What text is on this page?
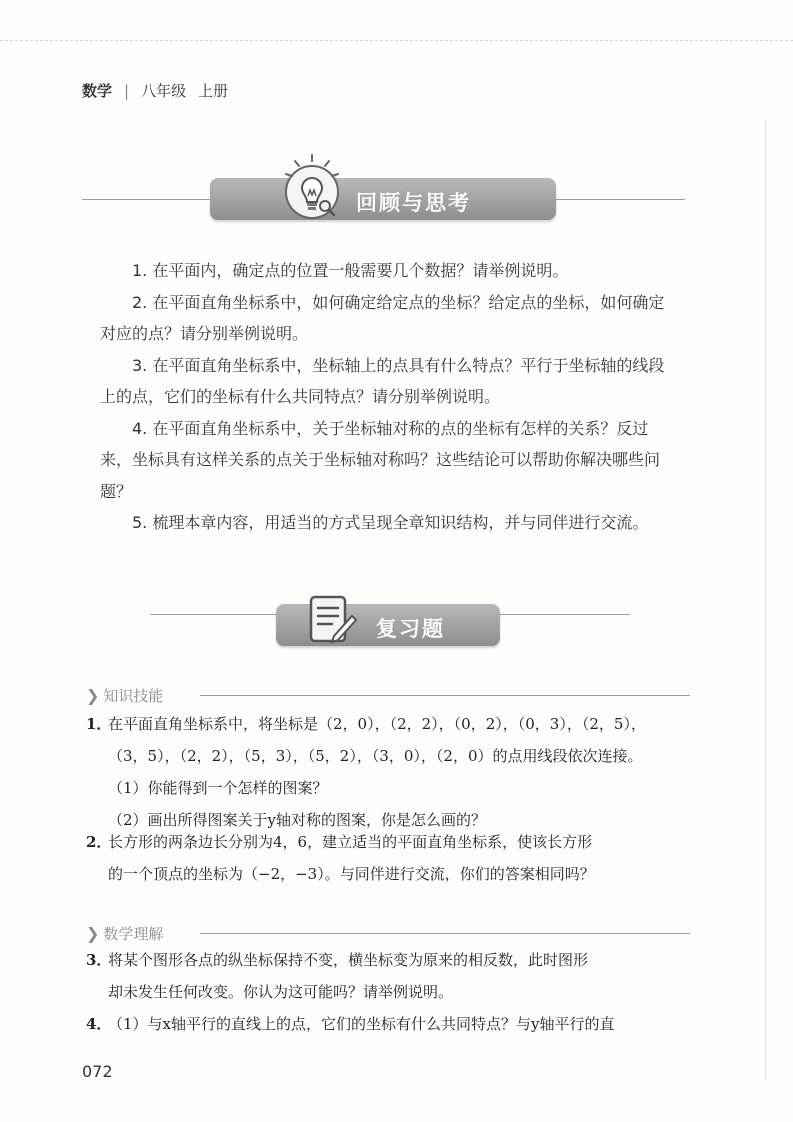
数学 | 八年级 上册
回顾与思考

1. 在平面内，确定点的位置一般需要几个数据？请举例说明。

2. 在平面直角坐标系中，如何确定给定点的坐标？给定点的坐标，如何确定对应的点？请分别举例说明。

3. 在平面直角坐标系中，坐标轴上的点具有什么特点？平行于坐标轴的线段上的点，它们的坐标有什么共同特点？请分别举例说明。

4. 在平面直角坐标系中，关于坐标轴对称的点的坐标有怎样的关系？反过来，坐标具有这样关系的点关于坐标轴对称吗？这些结论可以帮助你解决哪些问题？

5. 梳理本章内容，用适当的方式呈现全章知识结构，并与同伴进行交流。

复习题
❯ 知识技能
1．在平面直角坐标系中，将坐标是（2，0），（2，2），（0，2），（0，3），（2，5），
（3，5），（2，2），（5，3），（5，2），（3，0），（2，0）的点用线段依次连接。
（1）你能得到一个怎样的图案？
（2）画出所得图案关于y轴对称的图案，你是怎么画的？
2．长方形的两条边长分别为4，6，建立适当的平面直角坐标系，使该长方形
的一个顶点的坐标为（−2，−3）。与同伴进行交流，你们的答案相同吗？
❯ 数学理解
3．将某个图形各点的纵坐标保持不变，横坐标变为原来的相反数，此时图形
却未发生任何改变。你认为这可能吗？请举例说明。
4．（1）与x轴平行的直线上的点，它们的坐标有什么共同特点？与y轴平行的直
072
